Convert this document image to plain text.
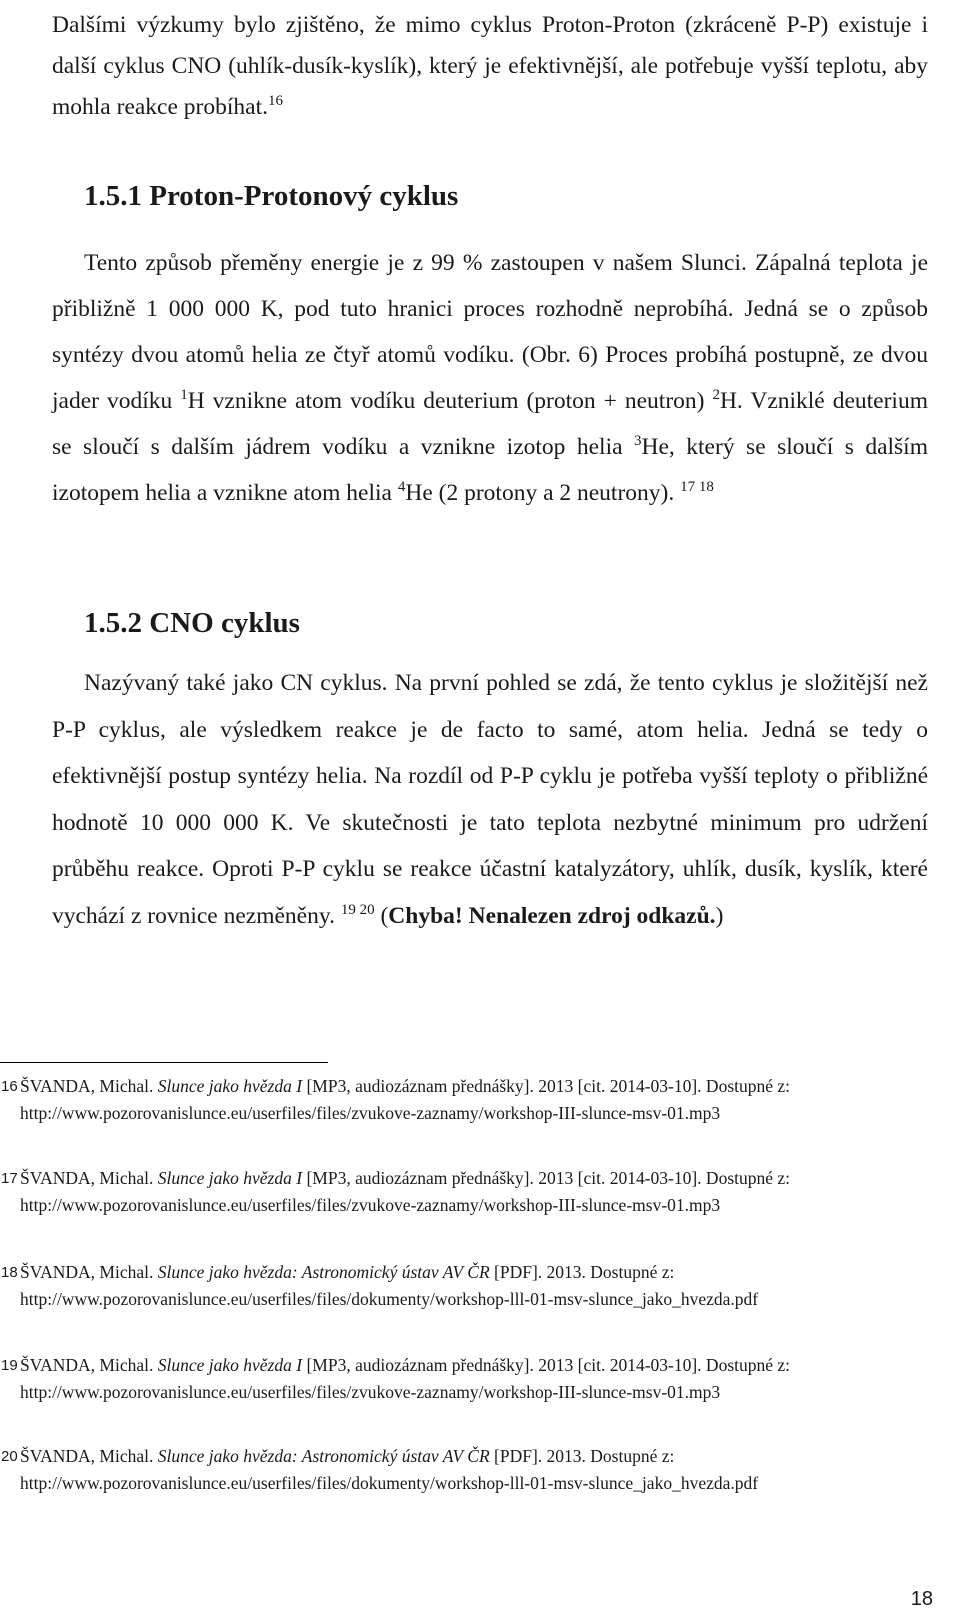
Dalšími výzkumy bylo zjištěno, že mimo cyklus Proton-Proton (zkráceně P-P) existuje i další cyklus CNO (uhlík-dusík-kyslík), který je efektivnější, ale potřebuje vyšší teplotu, aby mohla reakce probíhat.$^{16}$

1.5.1 Proton-Protonový cyklus

Tento způsob přeměny energie je z 99 % zastoupen v našem Slunci. Zápalná teplota je přibližně 1 000 000 K, pod tuto hranici proces rozhodně neprobíhá. Jedná se o způsob syntézy dvou atomů helia ze čtyř atomů vodíku. (Obr. 6) Proces probíhá postupně, ze dvou jader vodíku $^1$H vznikne atom vodíku deuterium (proton + neutron) $^2$H. Vzniklé deuterium se sloučí s dalším jádrem vodíku a vznikne izotop helia $^3$He, který se sloučí s dalším izotopem helia a vznikne atom helia $^4$He (2 protony a 2 neutrony). $^{17 18}$

1.5.2 CNO cyklus

Nazývaný také jako CN cyklus. Na první pohled se zdá, že tento cyklus je složitější než P-P cyklus, ale výsledkem reakce je de facto to samé, atom helia. Jedná se tedy o efektivnější postup syntézy helia. Na rozdíl od P-P cyklu je potřeba vyšší teploty o přibližné hodnotě 10 000 000 K. Ve skutečnosti je tato teplota nezbytné minimum pro udržení průběhu reakce. Oproti P-P cyklu se reakce účastní katalyzátory, uhlík, dusík, kyslík, které vychází z rovnice nezměněny. $^{19 20}$ (Chyba! Nenalezen zdroj odkazů.)

16 ŠVANDA, Michal. Slunce jako hvězda I [MP3, audiozáznam přednášky]. 2013 [cit. 2014-03-10]. Dostupné z: http://www.pozorovanislunce.eu/userfiles/files/zvukove-zaznamy/workshop-III-slunce-msv-01.mp3

17 ŠVANDA, Michal. Slunce jako hvězda I [MP3, audiozáznam přednášky]. 2013 [cit. 2014-03-10]. Dostupné z: http://www.pozorovanislunce.eu/userfiles/files/zvukove-zaznamy/workshop-III-slunce-msv-01.mp3

18 ŠVANDA, Michal. Slunce jako hvězda: Astronomický ústav AV ČR [PDF]. 2013. Dostupné z: http://www.pozorovanislunce.eu/userfiles/files/dokumenty/workshop-lll-01-msv-slunce_jako_hvezda.pdf

19 ŠVANDA, Michal. Slunce jako hvězda I [MP3, audiozáznam přednášky]. 2013 [cit. 2014-03-10]. Dostupné z: http://www.pozorovanislunce.eu/userfiles/files/zvukove-zaznamy/workshop-III-slunce-msv-01.mp3

20 ŠVANDA, Michal. Slunce jako hvězda: Astronomický ústav AV ČR [PDF]. 2013. Dostupné z: http://www.pozorovanislunce.eu/userfiles/files/dokumenty/workshop-lll-01-msv-slunce_jako_hvezda.pdf

18
